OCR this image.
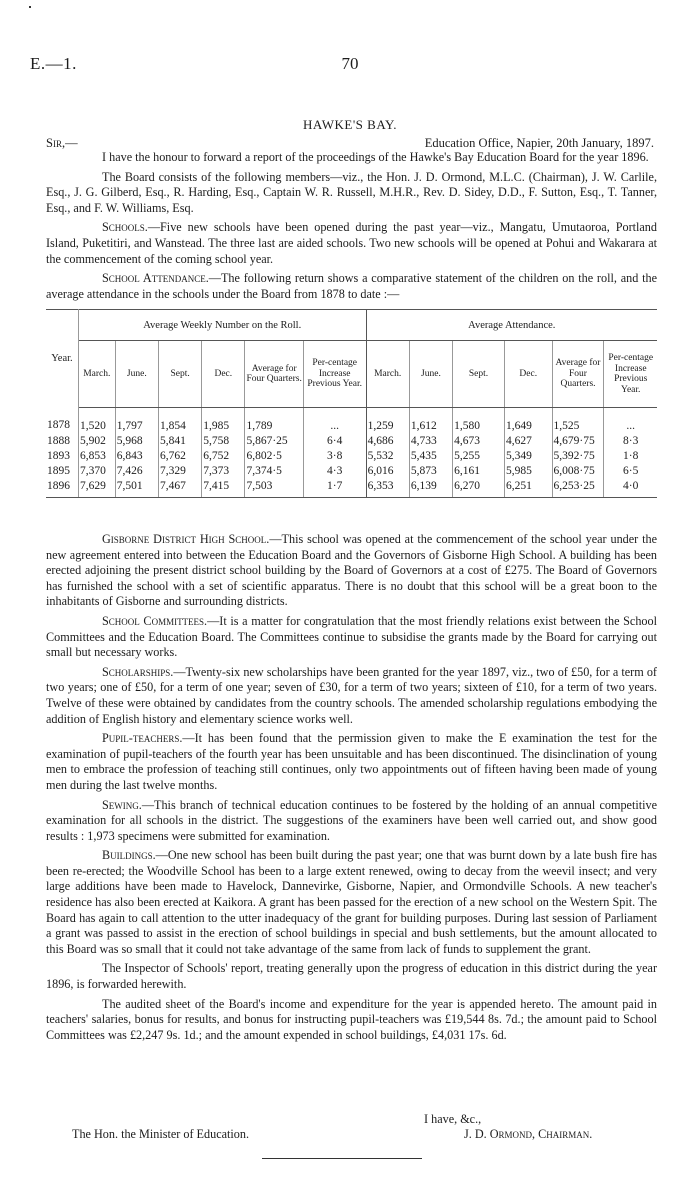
E.—1.	70
HAWKE'S BAY.
Sir,—	Education Office, Napier, 20th January, 1897.

I have the honour to forward a report of the proceedings of the Hawke's Bay Education Board for the year 1896.

The Board consists of the following members—viz., the Hon. J. D. Ormond, M.L.C. (Chairman), J. W. Carlile, Esq., J. G. Gilberd, Esq., R. Harding, Esq., Captain W. R. Russell, M.H.R., Rev. D. Sidey, D.D., F. Sutton, Esq., T. Tanner, Esq., and F. W. Williams, Esq.

Schools.—Five new schools have been opened during the past year—viz., Mangatu, Umutaoroa, Portland Island, Puketitiri, and Wanstead. The three last are aided schools. Two new schools will be opened at Pohui and Wakarara at the commencement of the coming school year.

School Attendance.—The following return shows a comparative statement of the children on the roll, and the average attendance in the schools under the Board from 1878 to date :—

Year.	Average Weekly Number on the Roll.						Average Attendance.					
	March.	June.	Sept.	Dec.	Average for Four Quarters.	Per-centage Increase Previous Year.	March.	June.	Sept.	Dec.	Average for Four Quarters.	Per-centage Increase Previous Year.
1878	1,520	1,797	1,854	1,985	1,789	...	1,259	1,612	1,580	1,649	1,525	...
1888	5,902	5,968	5,841	5,758	5,867·25	6·4	4,686	4,733	4,673	4,627	4,679·75	8·3
1893	6,853	6,843	6,762	6,752	6,802·5	3·8	5,532	5,435	5,255	5,349	5,392·75	1·8
1895	7,370	7,426	7,329	7,373	7,374·5	4·3	6,016	5,873	6,161	5,985	6,008·75	6·5
1896	7,629	7,501	7,467	7,415	7,503	1·7	6,353	6,139	6,270	6,251	6,253·25	4·0

Gisborne District High School.—This school was opened at the commencement of the school year under the new agreement entered into between the Education Board and the Governors of Gisborne High School. A building has been erected adjoining the present district school building by the Board of Governors at a cost of £275. The Board of Governors has furnished the school with a set of scientific apparatus. There is no doubt that this school will be a great boon to the inhabitants of Gisborne and surrounding districts.

School Committees.—It is a matter for congratulation that the most friendly relations exist between the School Committees and the Education Board. The Committees continue to subsidise the grants made by the Board for carrying out small but necessary works.

Scholarships.—Twenty-six new scholarships have been granted for the year 1897, viz., two of £50, for a term of two years; one of £50, for a term of one year; seven of £30, for a term of two years; sixteen of £10, for a term of two years. Twelve of these were obtained by candidates from the country schools. The amended scholarship regulations embodying the addition of English history and elementary science works well.

Pupil-teachers.—It has been found that the permission given to make the E examination the test for the examination of pupil-teachers of the fourth year has been unsuitable and has been discontinued. The disinclination of young men to embrace the profession of teaching still continues, only two appointments out of fifteen having been made of young men during the last twelve months.

Sewing.—This branch of technical education continues to be fostered by the holding of an annual competitive examination for all schools in the district. The suggestions of the examiners have been well carried out, and show good results : 1,973 specimens were submitted for examination.

Buildings.—One new school has been built during the past year; one that was burnt down by a late bush fire has been re-erected; the Woodville School has been to a large extent renewed, owing to decay from the weevil insect; and very large additions have been made to Havelock, Dannevirke, Gisborne, Napier, and Ormondville Schools. A new teacher's residence has also been erected at Kaikora. A grant has been passed for the erection of a new school on the Western Spit. The Board has again to call attention to the utter inadequacy of the grant for building purposes. During last session of Parliament a grant was passed to assist in the erection of school buildings in special and bush settlements, but the amount allocated to this Board was so small that it could not take advantage of the same from lack of funds to supplement the grant.

The Inspector of Schools' report, treating generally upon the progress of education in this district during the year 1896, is forwarded herewith.

The audited sheet of the Board's income and expenditure for the year is appended hereto. The amount paid in teachers' salaries, bonus for results, and bonus for instructing pupil-teachers was £19,544 8s. 7d.; the amount paid to School Committees was £2,247 9s. 1d.; and the amount expended in school buildings, £4,031 17s. 6d.

I have, &c.,
The Hon. the Minister of Education.	J. D. Ormond, Chairman.
